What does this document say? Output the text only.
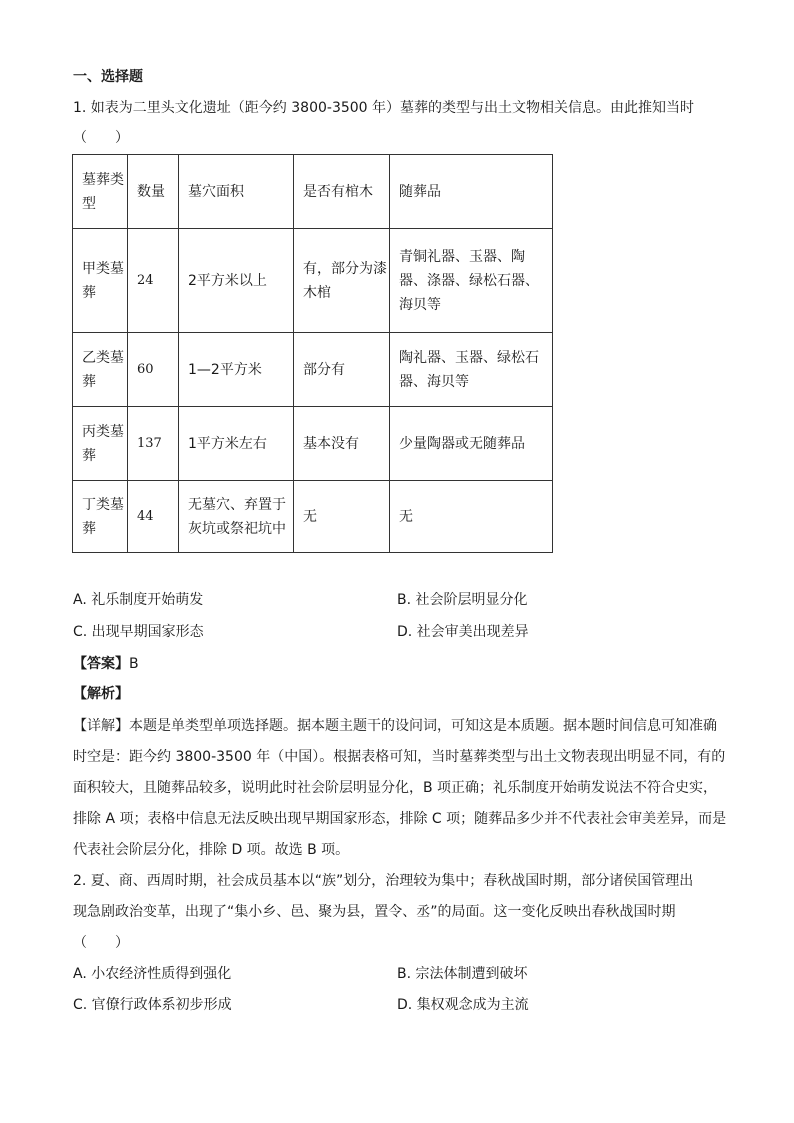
一、选择题
1. 如表为二里头文化遗址（距今约 3800-3500 年）墓葬的类型与出土文物相关信息。由此推知当时
（　　）
墓葬类型	数量	墓穴面积	是否有棺木	随葬品

甲类墓葬	24	2平方米以上	有，部分为漆木棺	青铜礼器、玉器、陶器、涤器、绿松石器、海贝等
乙类墓葬	60	1—2平方米	部分有	陶礼器、玉器、绿松石器、海贝等
丙类墓葬	137	1平方米左右	基本没有	少量陶器或无随葬品
丁类墓葬	44	无墓穴、弃置于灰坑或祭祀坑中	无	无
A. 礼乐制度开始萌发	B. 社会阶层明显分化
C. 出现早期国家形态	D. 社会审美出现差异
【答案】B
【解析】
【详解】本题是单类型单项选择题。据本题主题干的设问词，可知这是本质题。据本题时间信息可知准确
时空是：距今约 3800-3500 年（中国）。根据表格可知，当时墓葬类型与出土文物表现出明显不同，有的
面积较大，且随葬品较多，说明此时社会阶层明显分化，B 项正确；礼乐制度开始萌发说法不符合史实，
排除 A 项；表格中信息无法反映出现早期国家形态，排除 C 项；随葬品多少并不代表社会审美差异，而是
代表社会阶层分化，排除 D 项。故选 B 项。
2. 夏、商、西周时期，社会成员基本以“族”划分，治理较为集中；春秋战国时期，部分诸侯国管理出
现急剧政治变革，出现了“集小乡、邑、聚为县，置令、丞”的局面。这一变化反映出春秋战国时期
（　　）
A. 小农经济性质得到强化	B. 宗法体制遭到破坏
C. 官僚行政体系初步形成	D. 集权观念成为主流
